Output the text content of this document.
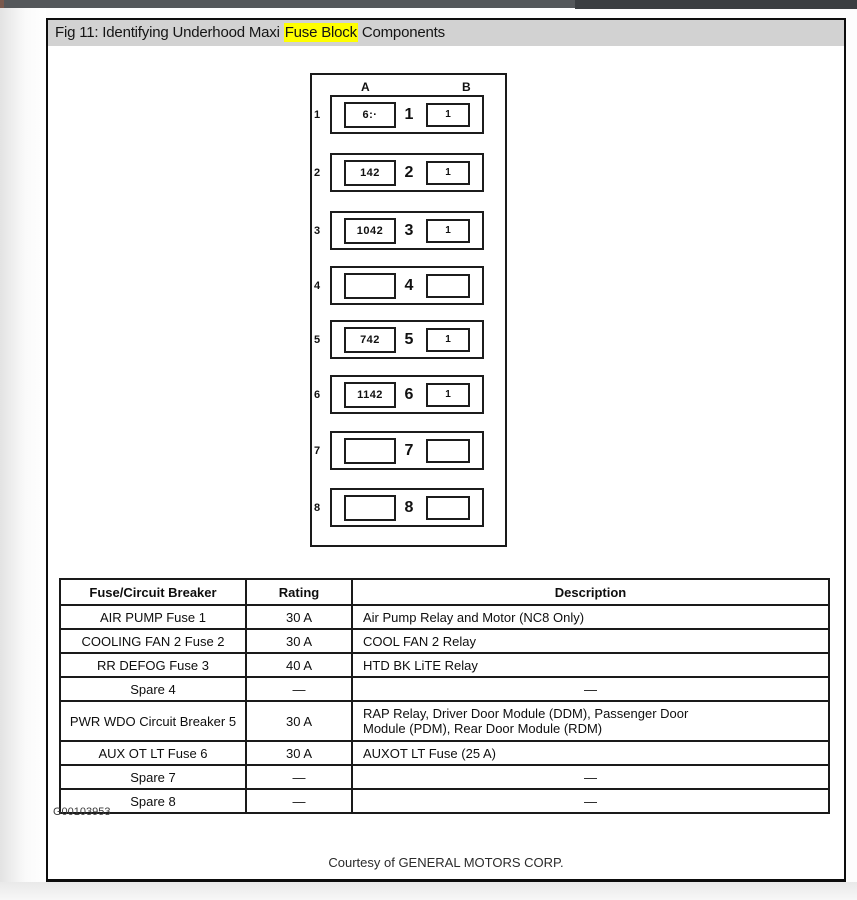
Fig 11: Identifying Underhood Maxi Fuse Block Components
A	B
1	6:·	1	1
2	142	2	1
3	1042	3	1
4	4
5	742	5	1
6	1142	6	1
7	7
8	8
Fuse/Circuit Breaker	Rating	Description
AIR PUMP Fuse 1	30 A	Air Pump Relay and Motor (NC8 Only)
COOLING FAN 2 Fuse 2	30 A	COOL FAN 2 Relay
RR DEFOG Fuse 3	40 A	HTD BK LiTE Relay
Spare 4	—	—
PWR WDO Circuit Breaker 5	30 A	RAP Relay, Driver Door Module (DDM), Passenger Door Module (PDM), Rear Door Module (RDM)
AUX OT LT Fuse 6	30 A	AUXOT LT Fuse (25 A)
Spare 7	—	—
Spare 8	—	—
G00103953
Courtesy of GENERAL MOTORS CORP.
